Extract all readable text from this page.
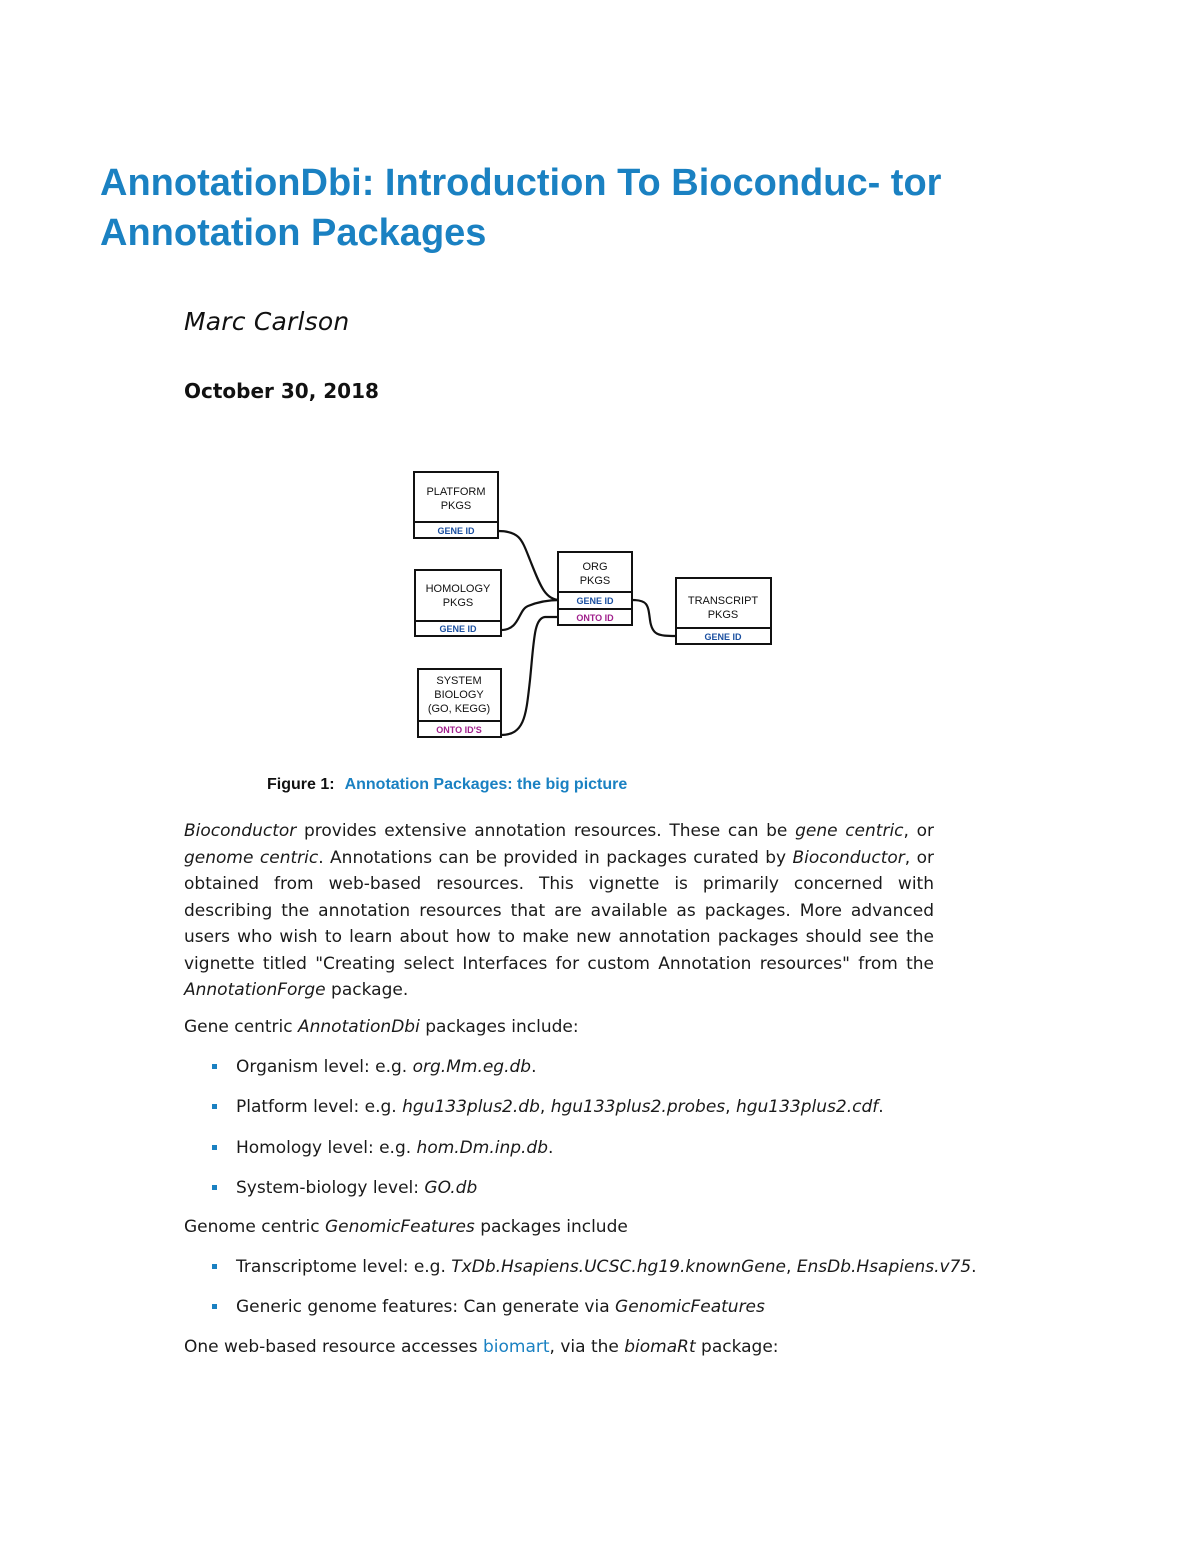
AnnotationDbi: Introduction To Bioconduc- tor Annotation Packages
Marc Carlson
October 30, 2018
PLATFORM
PKGS
HOMOLOGY
PKGS
SYSTEM
BIOLOGY
(GO, KEGG)
ORG
PKGS
TRANSCRIPT
PKGS
GENE ID
GENE ID
ONTO ID'S
GENE ID
ONTO ID
GENE ID
Figure 1: Annotation Packages: the big picture
Bioconductor provides extensive annotation resources. These can be gene centric, or genome centric. Annotations can be provided in packages curated by Bioconductor, or obtained from web-based resources. This vignette is primarily concerned with describing the annotation resources that are available as packages. More advanced users who wish to learn about how to make new annotation packages should see the vignette titled "Creating select Interfaces for custom Annotation resources" from the AnnotationForge package.
Gene centric AnnotationDbi packages include:
Organism level: e.g. org.Mm.eg.db.
Platform level: e.g. hgu133plus2.db, hgu133plus2.probes, hgu133plus2.cdf.
Homology level: e.g. hom.Dm.inp.db.
System-biology level: GO.db
Genome centric GenomicFeatures packages include
Transcriptome level: e.g. TxDb.Hsapiens.UCSC.hg19.knownGene, EnsDb.Hsapiens.v75.
Generic genome features: Can generate via GenomicFeatures
One web-based resource accesses biomart, via the biomaRt package:
